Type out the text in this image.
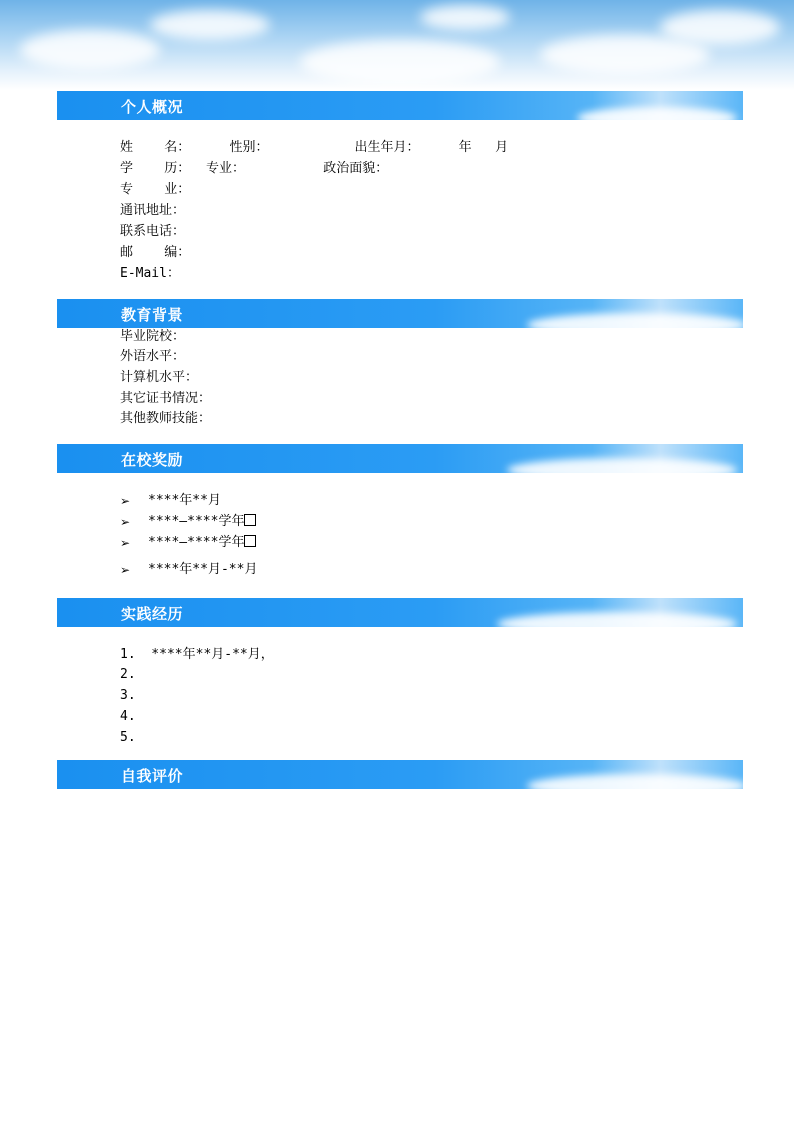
个人概况
姓    名：     性别：           出生年月：     年   月
学    历：  专业：          政治面貌：
专    业：
通讯地址：
联系电话：
邮    编：
E-Mail：
教育背景
毕业院校：
外语水平：
计算机水平：
其它证书情况：
其他教师技能：
在校奖励
➢ ****年**月
➢ ****—****学年
➢ ****—****学年
➢ ****年**月-**月
实践经历
1.  ****年**月-**月，
2.
3.
4.
5.
自我评价
